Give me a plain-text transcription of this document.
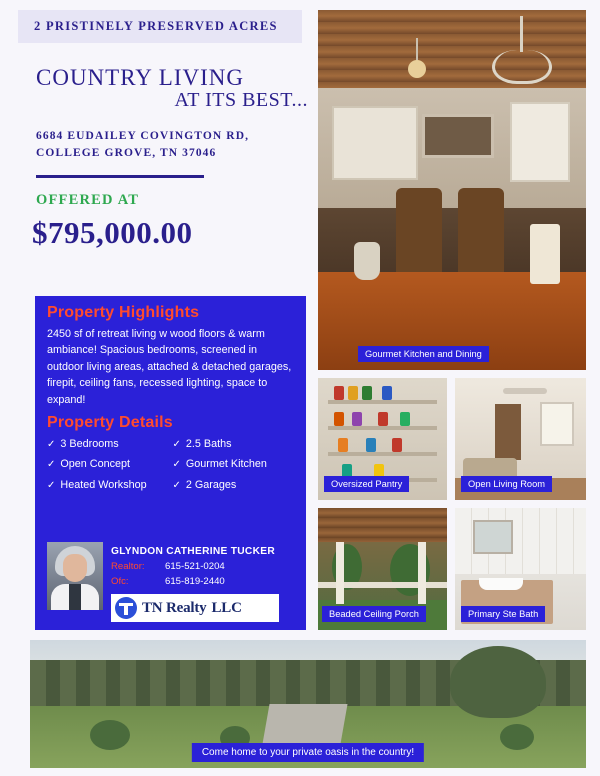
2 PRISTINELY PRESERVED ACRES
COUNTRY LIVING
AT ITS BEST...
6684 EUDAILEY COVINGTON RD,
COLLEGE GROVE, TN 37046
OFFERED AT
$795,000.00
Property Highlights
2450 sf of retreat living w wood floors & warm ambiance! Spacious bedrooms, screened in outdoor living areas, attached & detached garages, firepit, ceiling fans, recessed lighting, space to expand!
Property Details
✓ 3 Bedrooms	✓ 2.5 Baths
✓ Open Concept	✓ Gourmet Kitchen
✓ Heated Workshop	✓ 2 Garages
GLYNDON CATHERINE TUCKER
Realtor: 615-521-0204
Ofc:	615-819-2440
TN Realty LLC
Gourmet Kitchen and Dining
Oversized Pantry	Open Living Room
Beaded Ceiling Porch	Primary Ste Bath
Come home to your private oasis in the country!
